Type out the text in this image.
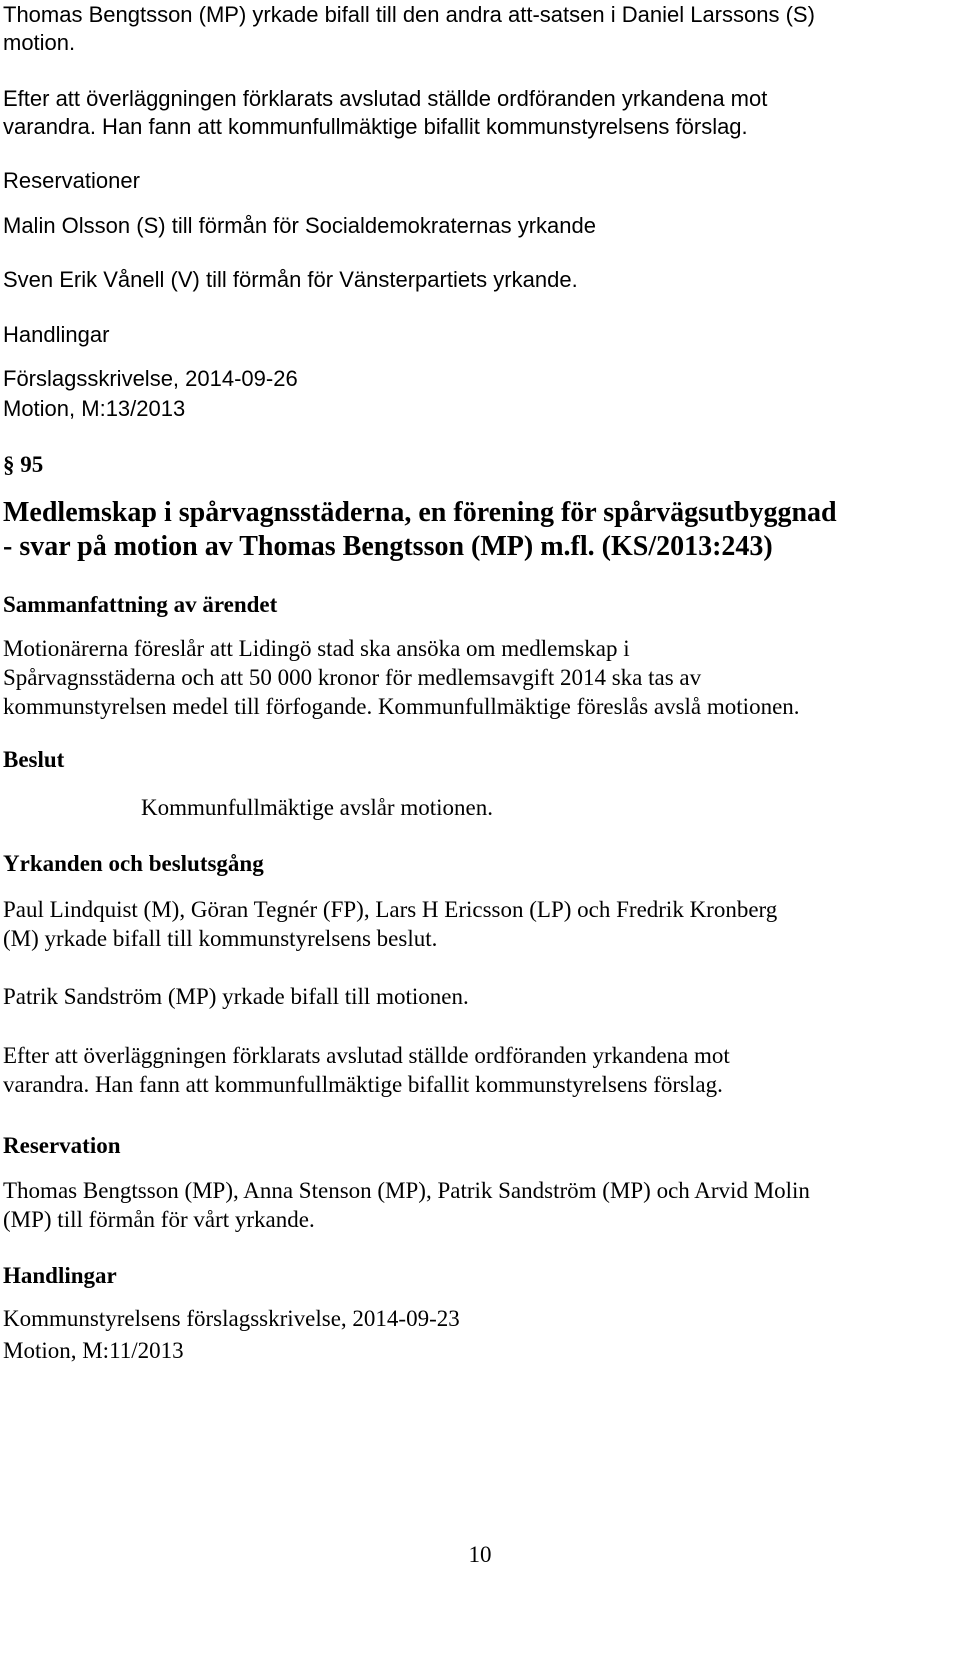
Thomas Bengtsson (MP) yrkade bifall till den andra att-satsen i Daniel Larssons (S)

motion.

Efter att överläggningen förklarats avslutad ställde ordföranden yrkandena mot

varandra. Han fann att kommunfullmäktige bifallit kommunstyrelsens förslag.

Reservationer

Malin Olsson (S) till förmån för Socialdemokraternas yrkande

Sven Erik Vånell (V) till förmån för Vänsterpartiets yrkande.

Handlingar

Förslagsskrivelse, 2014-09-26

Motion, M:13/2013

§ 95

Medlemskap i spårvagnsstäderna, en förening för spårvägsutbyggnad

- svar på motion av Thomas Bengtsson (MP) m.fl. (KS/2013:243)

Sammanfattning av ärendet

Motionärerna föreslår att Lidingö stad ska ansöka om medlemskap i

Spårvagnsstäderna och att 50 000 kronor för medlemsavgift 2014 ska tas av

kommunstyrelsen medel till förfogande. Kommunfullmäktige föreslås avslå motionen.

Beslut

Kommunfullmäktige avslår motionen.

Yrkanden och beslutsgång

Paul Lindquist (M), Göran Tegnér (FP), Lars H Ericsson (LP) och Fredrik Kronberg

(M) yrkade bifall till kommunstyrelsens beslut.

Patrik Sandström (MP) yrkade bifall till motionen.

Efter att överläggningen förklarats avslutad ställde ordföranden yrkandena mot

varandra. Han fann att kommunfullmäktige bifallit kommunstyrelsens förslag.

Reservation

Thomas Bengtsson (MP), Anna Stenson (MP), Patrik Sandström (MP) och Arvid Molin

(MP) till förmån för vårt yrkande.

Handlingar

Kommunstyrelsens förslagsskrivelse, 2014-09-23

Motion, M:11/2013

10
